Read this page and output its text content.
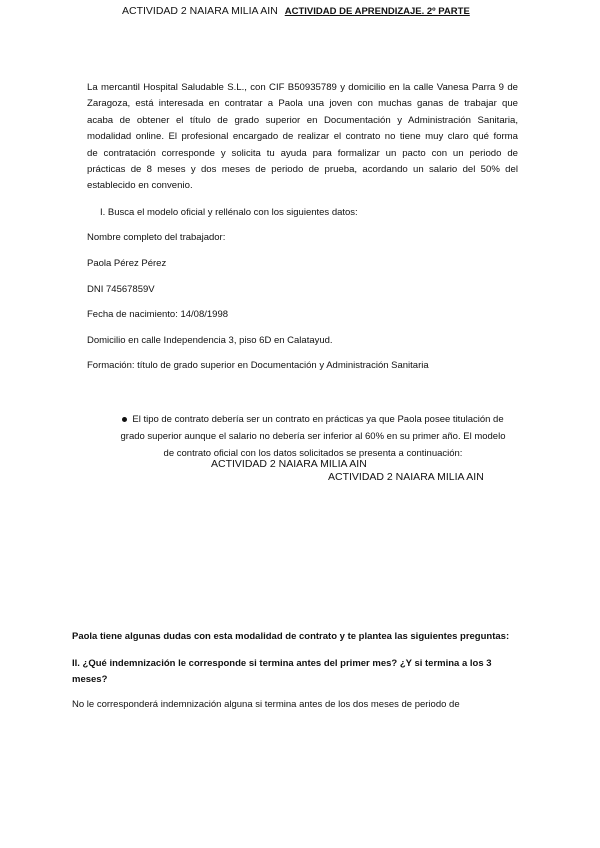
ACTIVIDAD 2 NAIARA MILIA AIN ACTIVIDAD DE APRENDIZAJE. 2º PARTE
La mercantil Hospital Saludable S.L., con CIF B50935789 y domicilio en la calle Vanesa Parra 9 de
Zaragoza, está interesada en contratar a Paola una joven con muchas ganas de trabajar que
acaba de obtener el título de grado superior en Documentación y Administración Sanitaria,
modalidad online. El profesional encargado de realizar el contrato no tiene muy claro qué forma
de contratación corresponde y solicita tu ayuda para formalizar un pacto con un periodo de
prácticas de 8 meses y dos meses de periodo de prueba, acordando un salario del 50% del
establecido en convenio.
I. Busca el modelo oficial y rellénalo con los siguientes datos:
Nombre completo del trabajador:
Paola Pérez Pérez
DNI 74567859V
Fecha de nacimiento: 14/08/1998
Domicilio en calle Independencia 3, piso 6D en Calatayud.
Formación: título de grado superior en Documentación y Administración Sanitaria
El tipo de contrato debería ser un contrato en prácticas ya que Paola posee titulación de
grado superior aunque el salario no debería ser inferior al 60% en su primer año. El modelo
de contrato oficial con los datos solicitados se presenta a continuación:
ACTIVIDAD 2 NAIARA MILIA AIN
ACTIVIDAD 2 NAIARA MILIA AIN
Paola tiene algunas dudas con esta modalidad de contrato y te plantea las siguientes preguntas:
II. ¿Qué indemnización le corresponde si termina antes del primer mes? ¿Y si termina a los 3
meses?
No le corresponderá indemnización alguna si termina antes de los dos meses de periodo de
